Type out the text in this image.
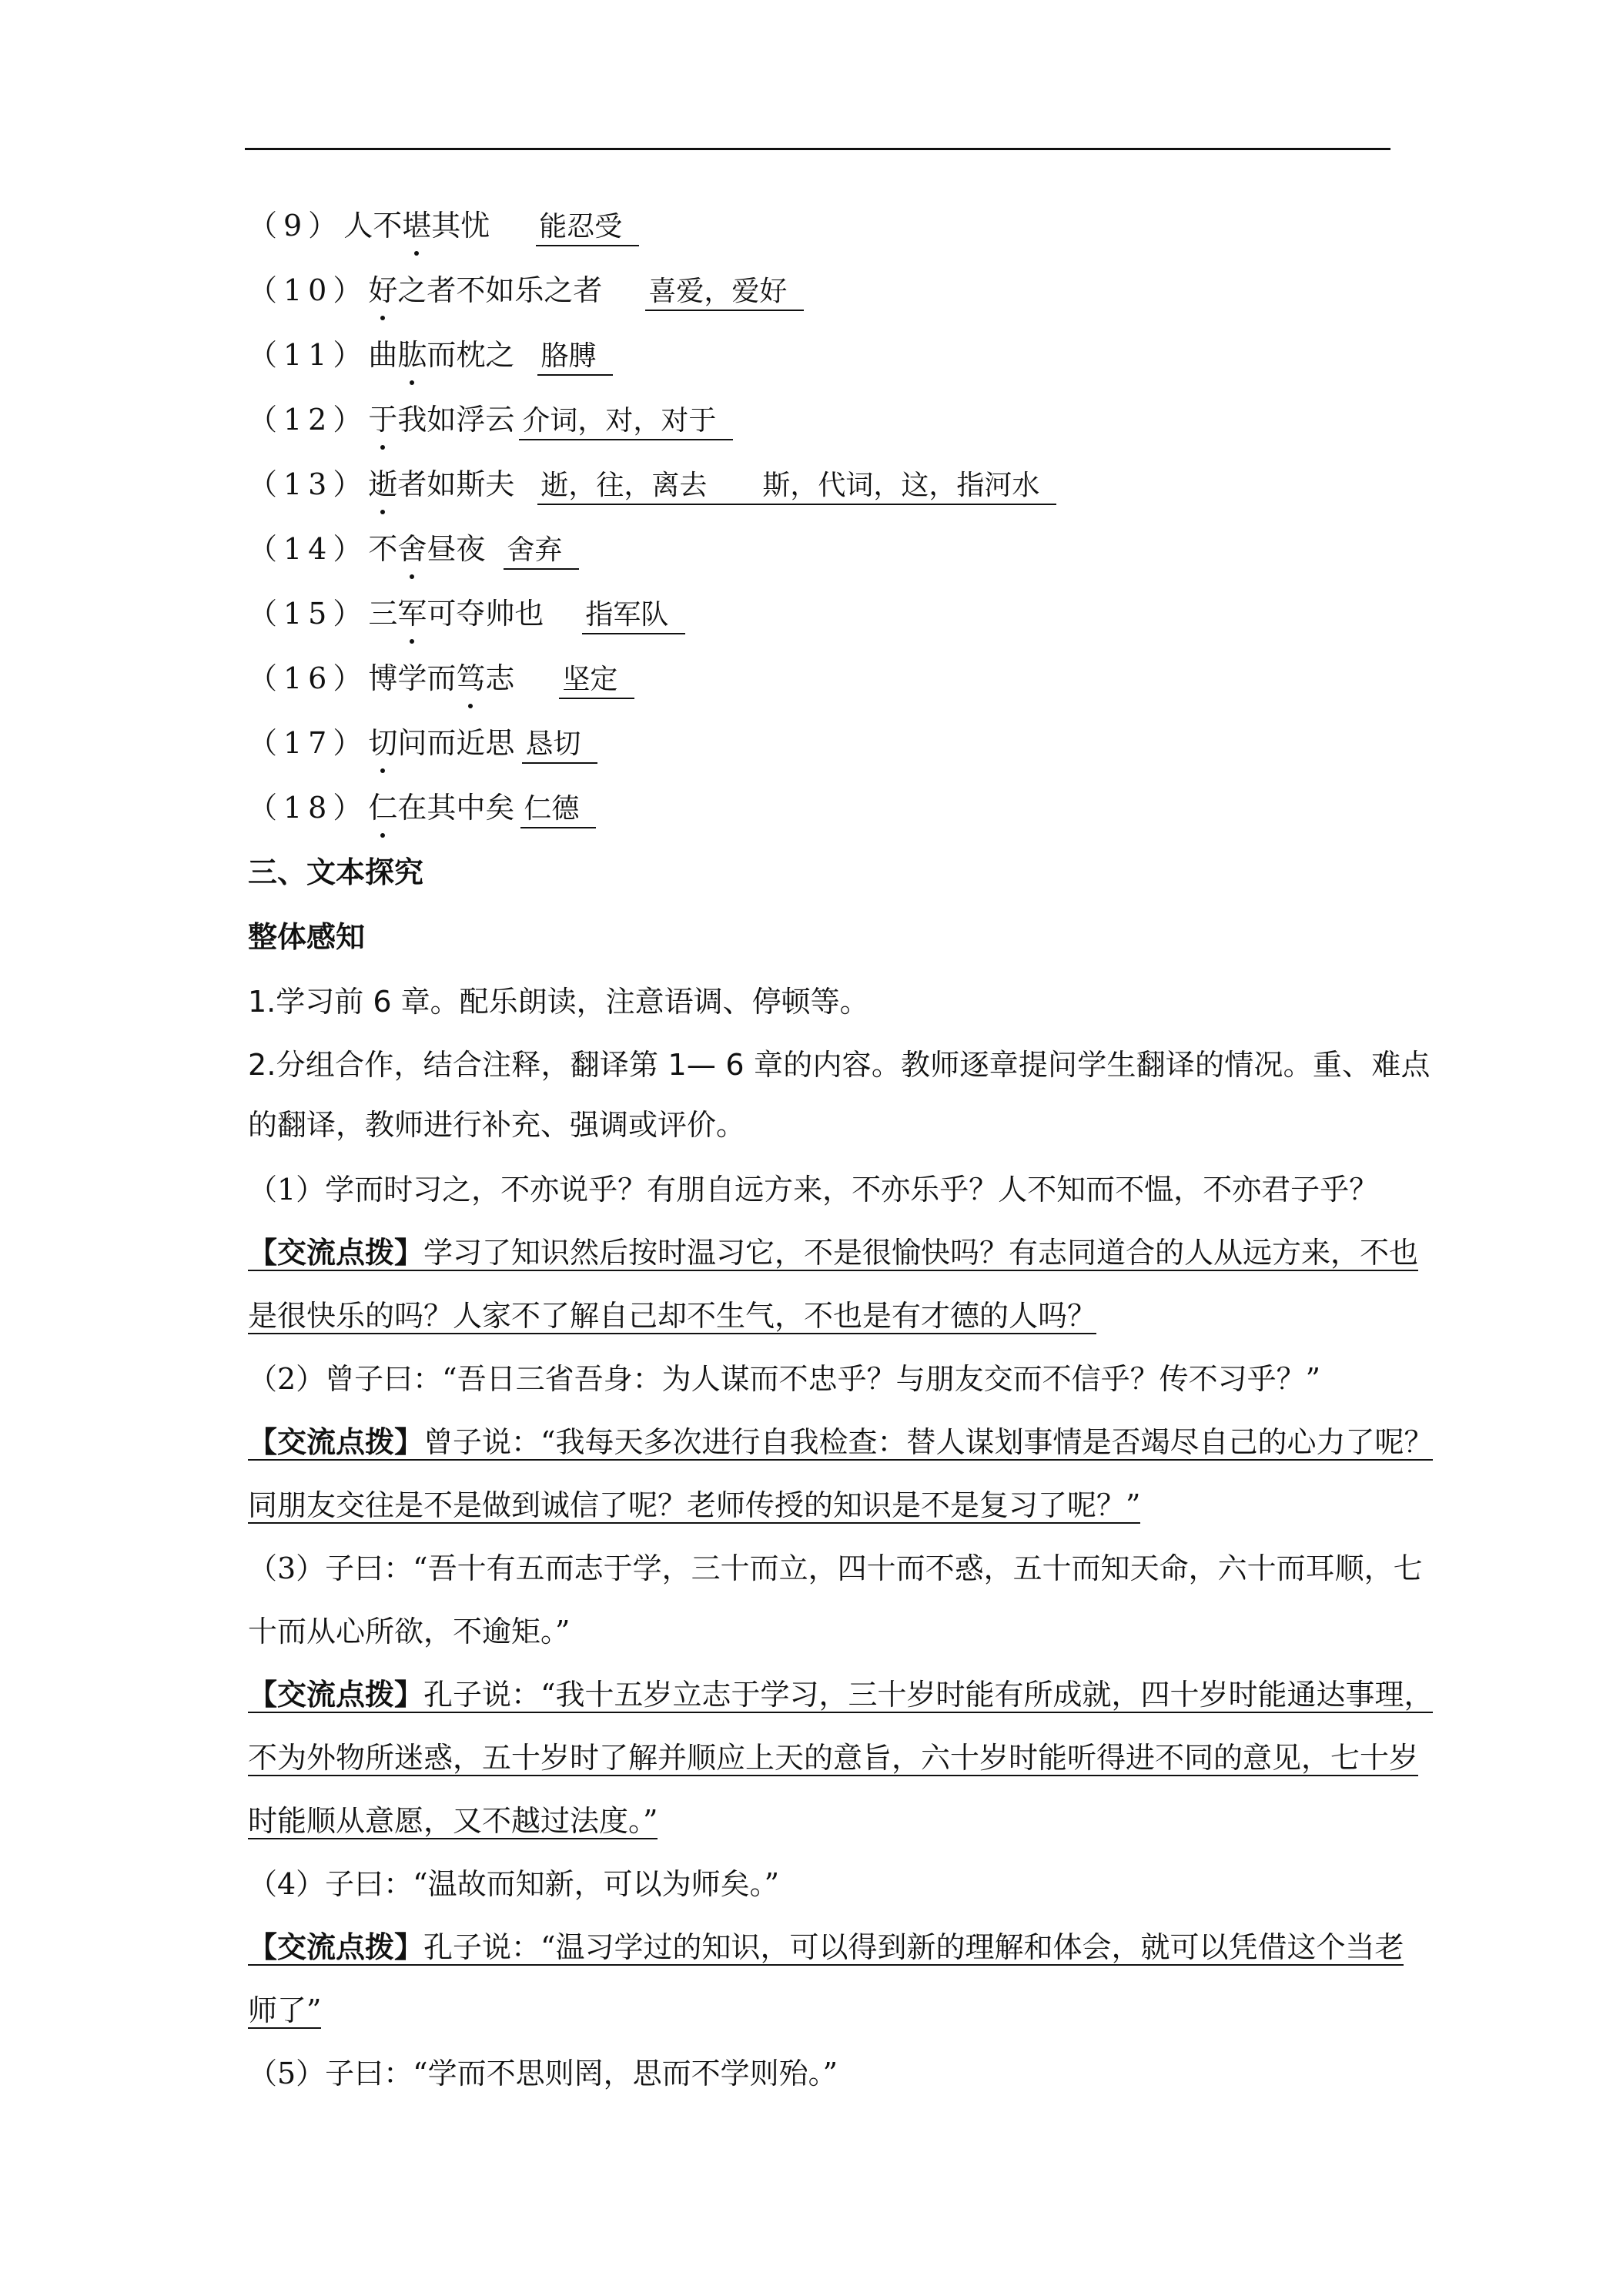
（9）人不堪其忧 能忍受
（10）好之者不如乐之者 喜爱，爱好
（11）曲肱而枕之 胳膊
（12）于我如浮云 介词，对，对于
（13）逝者如斯夫 逝，往，离去　　斯，代词，这，指河水
（14）不舍昼夜 舍弃
（15）三军可夺帅也 指军队
（16）博学而笃志 坚定
（17）切问而近思 恳切
（18）仁在其中矣 仁德
三、文本探究
整体感知
1.学习前 6 章。配乐朗读，注意语调、停顿等。
2.分组合作，结合注释，翻译第 1— 6 章的内容。教师逐章提问学生翻译的情况。重、难点
的翻译，教师进行补充、强调或评价。
（1）学而时习之，不亦说乎？有朋自远方来，不亦乐乎？人不知而不愠，不亦君子乎？
【交流点拨】学习了知识然后按时温习它，不是很愉快吗？有志同道合的人从远方来，不也
是很快乐的吗？人家不了解自己却不生气，不也是有才德的人吗？
（2）曾子曰：“吾日三省吾身：为人谋而不忠乎？与朋友交而不信乎？传不习乎？”
【交流点拨】曾子说：“我每天多次进行自我检查：替人谋划事情是否竭尽自己的心力了呢？
同朋友交往是不是做到诚信了呢？老师传授的知识是不是复习了呢？”
（3）子曰：“吾十有五而志于学，三十而立，四十而不惑，五十而知天命，六十而耳顺，七
十而从心所欲，不逾矩。”
【交流点拨】孔子说：“我十五岁立志于学习，三十岁时能有所成就，四十岁时能通达事理，
不为外物所迷惑，五十岁时了解并顺应上天的意旨，六十岁时能听得进不同的意见，七十岁
时能顺从意愿，又不越过法度。”
（4）子曰：“温故而知新，可以为师矣。”
【交流点拨】孔子说：“温习学过的知识，可以得到新的理解和体会，就可以凭借这个当老
师了”
（5）子曰：“学而不思则罔，思而不学则殆。”
